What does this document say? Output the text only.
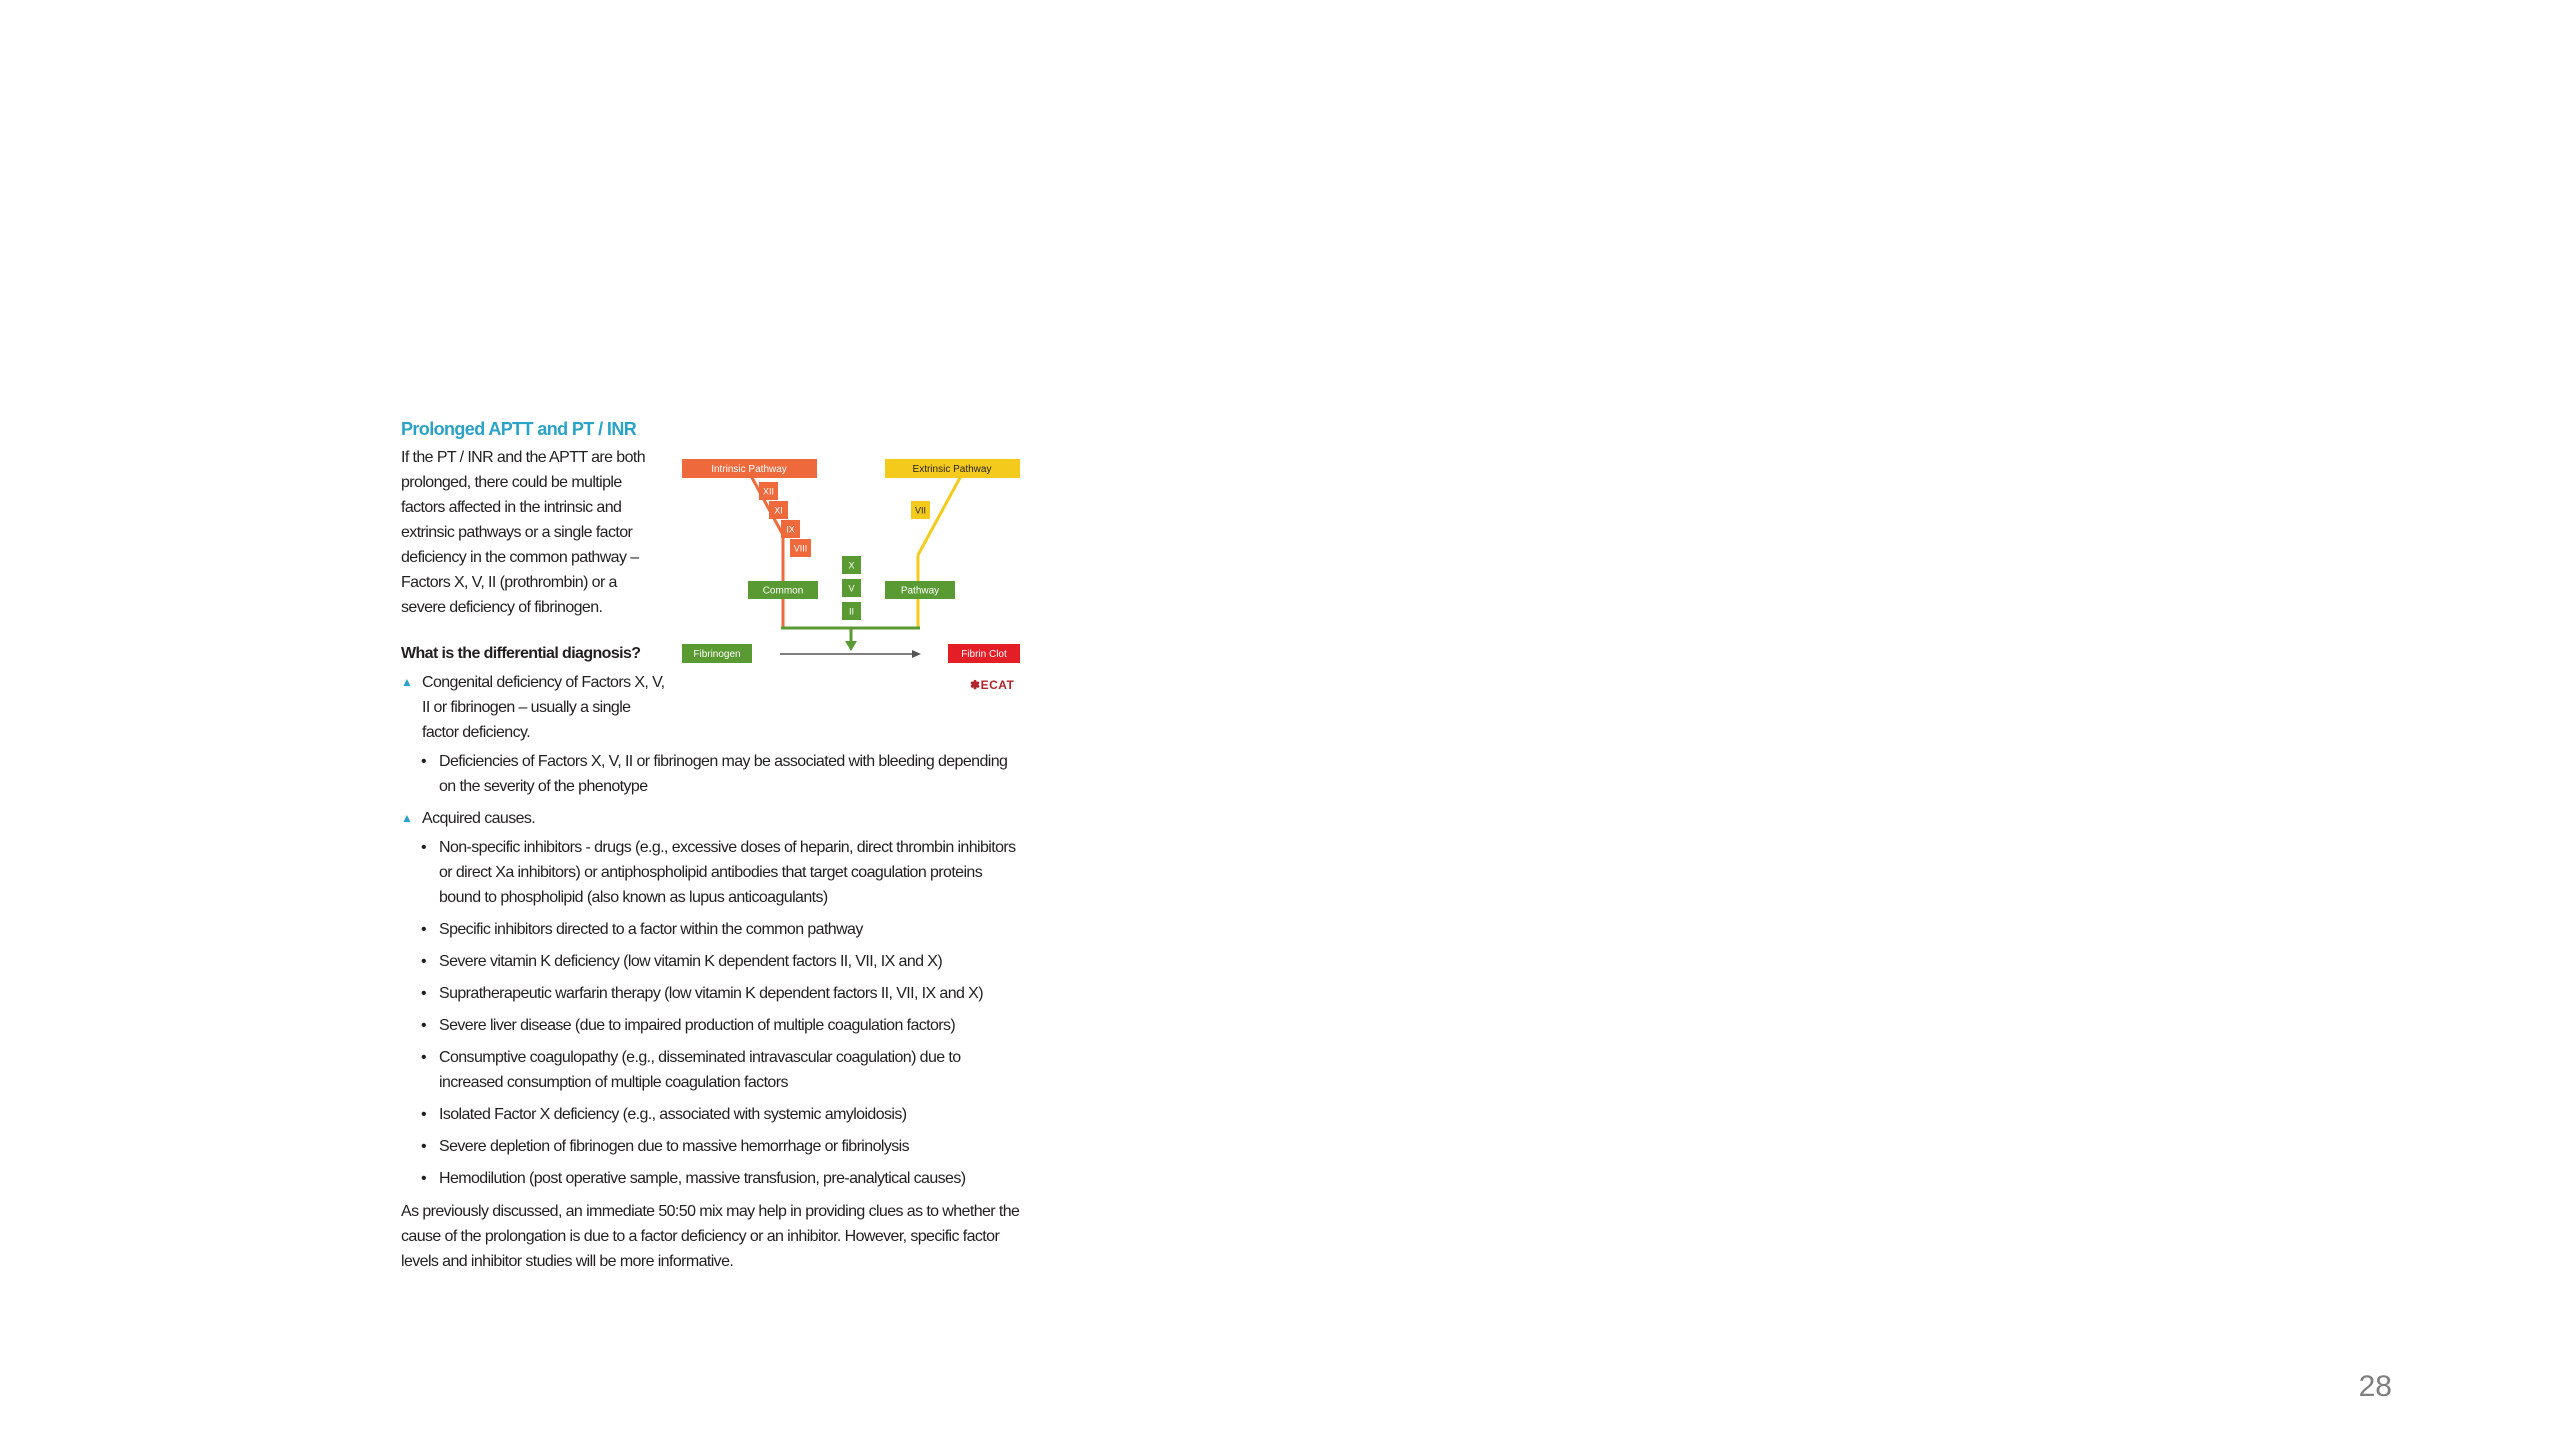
Prolonged APTT and PT / INR

If the PT / INR and the APTT are both prolonged, there could be multiple factors affected in the intrinsic and extrinsic pathways or a single factor deficiency in the common pathway – Factors X, V, II (prothrombin) or a severe deficiency of fibrinogen.

What is the differential diagnosis?
▲ Congenital deficiency of Factors X, V, II or fibrinogen – usually a single factor deficiency.
• Deficiencies of Factors X, V, II or fibrinogen may be associated with bleeding depending on the severity of the phenotype
▲ Acquired causes.
• Non-specific inhibitors - drugs (e.g., excessive doses of heparin, direct thrombin inhibitors or direct Xa inhibitors) or antiphospholipid antibodies that target coagulation proteins bound to phospholipid (also known as lupus anticoagulants)
• Specific inhibitors directed to a factor within the common pathway
• Severe vitamin K deficiency (low vitamin K dependent factors II, VII, IX and X)
• Supratherapeutic warfarin therapy (low vitamin K dependent factors II, VII, IX and X)
• Severe liver disease (due to impaired production of multiple coagulation factors)
• Consumptive coagulopathy (e.g., disseminated intravascular coagulation) due to increased consumption of multiple coagulation factors
• Isolated Factor X deficiency (e.g., associated with systemic amyloidosis)
• Severe depletion of fibrinogen due to massive hemorrhage or fibrinolysis
• Hemodilution (post operative sample, massive transfusion, pre-analytical causes)

As previously discussed, an immediate 50:50 mix may help in providing clues as to whether the cause of the prolongation is due to a factor deficiency or an inhibitor. However, specific factor levels and inhibitor studies will be more informative.

Intrinsic Pathway	Extrinsic Pathway
XII
XI
IX
VIII
VII
X
V
II
Common	Pathway
Fibrinogen	Fibrin Clot
✽ECAT
28
